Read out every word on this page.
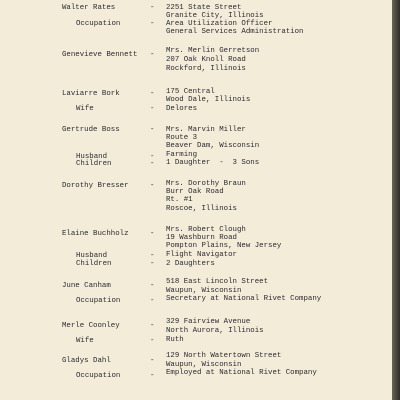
Walter Rates	- 2251 State Street
Granite City, Illinois
Occupation	- Area Utilization Officer
General Services Administration
Genevieve Bennett - Mrs. Merlin Gerretson
207 Oak Knoll Road
Rockford, Illinois
Laviarre Bork	- 175 Central
Wood Dale, Illinois
Wife	- Delores
Gertrude Boss	- Mrs. Marvin Miller
Route 3
Beaver Dam, Wisconsin
Husband	- Farming
Children	- 1 Daughter  -  3 Sons
Dorothy Bresser	- Mrs. Dorothy Braun
Burr Oak Road
Rt. #1
Roscoe, Illinois
Elaine Buchholz	- Mrs. Robert Clough
19 Washburn Road
Pompton Plains, New Jersey
Husband	- Flight Navigator
Children	- 2 Daughters
June Canham	- 518 East Lincoln Street
Waupun, Wisconsin
Occupation	- Secretary at National Rivet Company
Merle Coonley	- 329 Fairview Avenue
North Aurora, Illinois
Wife	- Ruth
Gladys Dahl	-
129 North Watertown Street
Waupun, Wisconsin
Occupation	- Employed at National Rivet Company
